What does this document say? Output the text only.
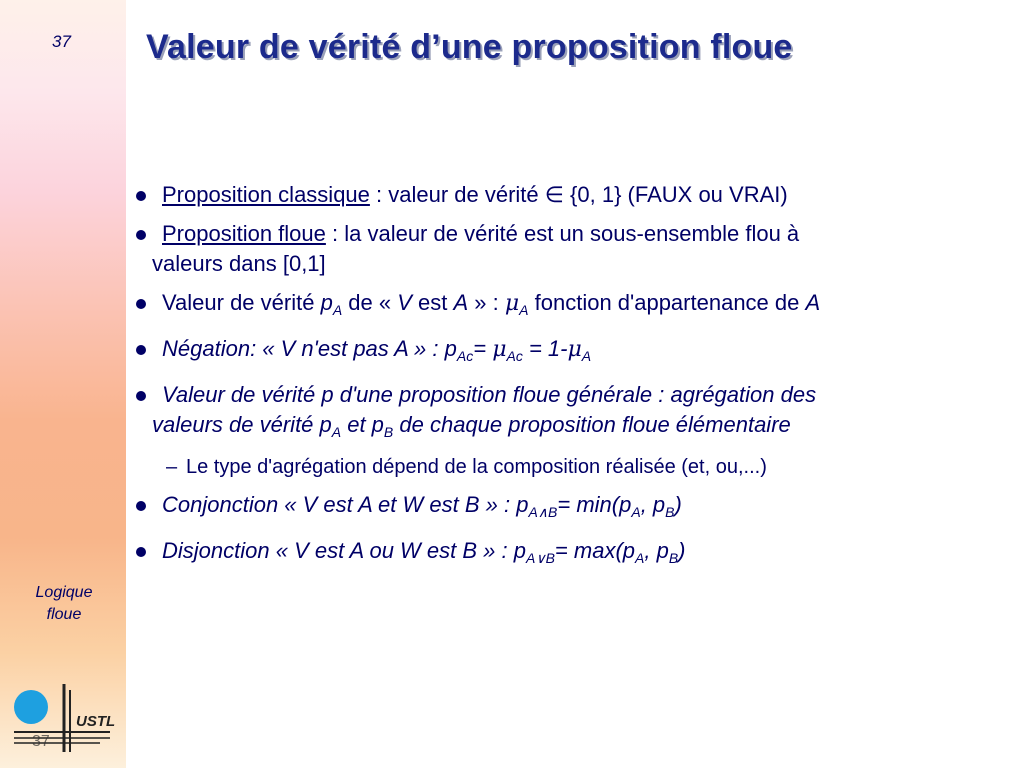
37
Logique
floue
USTL
37
Valeur de vérité d’une proposition floue
Proposition classique : valeur de vérité ∈ {0, 1} (FAUX ou VRAI)
Proposition floue : la valeur de vérité est un sous-ensemble flou à
valeurs dans [0,1]
Valeur de vérité $p_A$ de « V est A » : $\mu_A$ fonction d'appartenance de A
Négation: « V n'est pas A » : $p_{Ac}= \mu_{Ac} = 1-\mu_A$
Valeur de vérité p d'une proposition floue générale : agrégation des
valeurs de vérité $p_A$ et $p_B$ de chaque proposition floue élémentaire
– Le type d'agrégation dépend de la composition réalisée (et, ou,...)
Conjonction « V est A et W est B » : $p_{A\wedge B}= \min(p_A$, $p_B$)
Disjonction « V est A ou W est B » : $p_{A\vee B}= \max(p_A$, $p_B$)
